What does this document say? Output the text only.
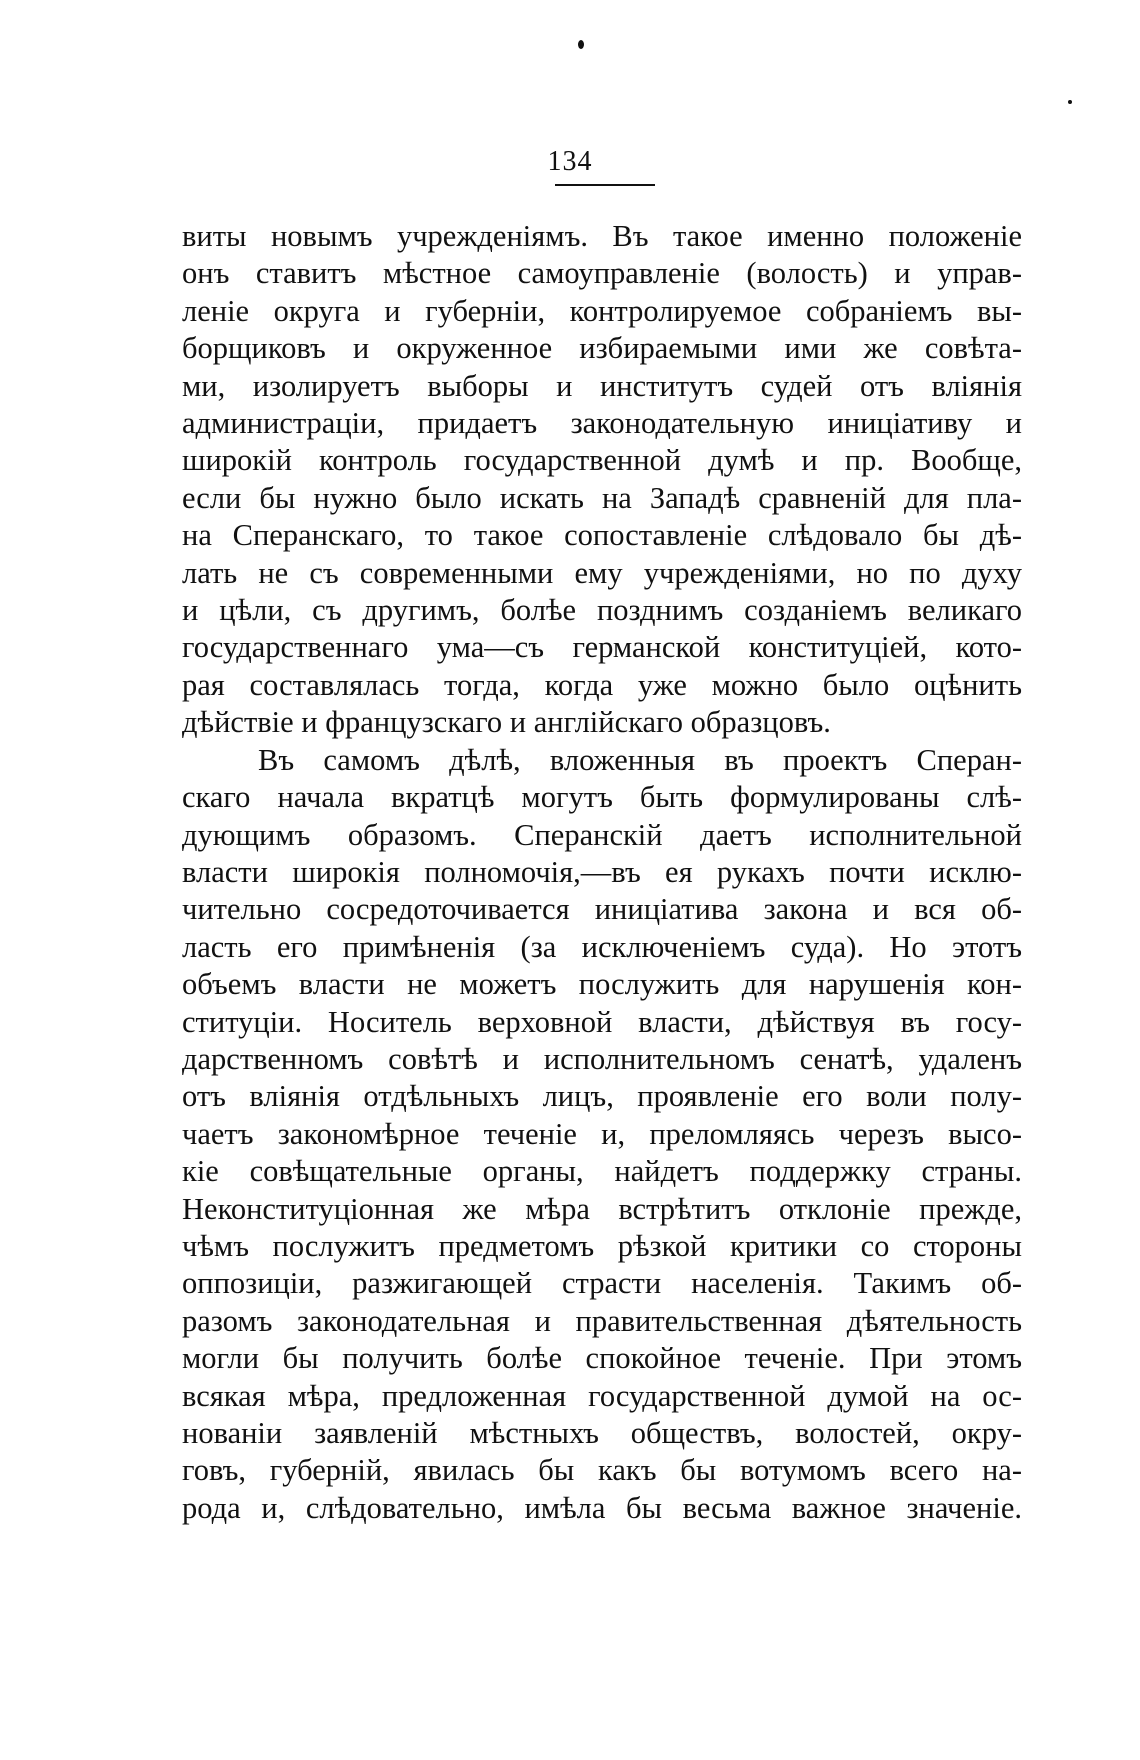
134
виты новымъ учрежденіямъ. Въ такое именно положеніе
онъ ставитъ мѣстное самоуправленіе (волость) и управ-
леніе округа и губерніи, контролируемое собраніемъ вы-
борщиковъ и окруженное избираемыми ими же совѣта-
ми, изолируетъ выборы и институтъ судей отъ вліянія
администраціи, придаетъ законодательную иниціативу и
широкій контроль государственной думѣ и пр. Вообще,
если бы нужно было искать на Западѣ сравненій для пла-
на Сперанскаго, то такое сопоставленіе слѣдовало бы дѣ-
лать не съ современными ему учрежденіями, но по духу
и цѣли, съ другимъ, болѣе позднимъ созданіемъ великаго
государственнаго ума—съ германской конституціей, кото-
рая составлялась тогда, когда уже можно было оцѣнить
дѣйствіе и французскаго и англійскаго образцовъ.
Въ самомъ дѣлѣ, вложенныя въ проектъ Сперан-
скаго начала вкратцѣ могутъ быть формулированы слѣ-
дующимъ образомъ. Сперанскій даетъ исполнительной
власти широкія полномочія,—въ ея рукахъ почти исклю-
чительно сосредоточивается иниціатива закона и вся об-
ласть его примѣненія (за исключеніемъ суда). Но этотъ
объемъ власти не можетъ послужить для нарушенія кон-
ституціи. Носитель верховной власти, дѣйствуя въ госу-
дарственномъ совѣтѣ и исполнительномъ сенатѣ, удаленъ
отъ вліянія отдѣльныхъ лицъ, проявленіе его воли полу-
чаетъ закономѣрное теченіе и, преломляясь черезъ высо-
кіе совѣщательные органы, найдетъ поддержку страны.
Неконституціонная же мѣра встрѣтитъ отклоніе прежде,
чѣмъ послужитъ предметомъ рѣзкой критики со стороны
оппозиціи, разжигающей страсти населенія. Такимъ об-
разомъ законодательная и правительственная дѣятельность
могли бы получить болѣе спокойное теченіе. При этомъ
всякая мѣра, предложенная государственной думой на ос-
нованіи заявленій мѣстныхъ обществъ, волостей, окру-
говъ, губерній, явилась бы какъ бы вотумомъ всего на-
рода и, слѣдовательно, имѣла бы весьма важное значеніе.
